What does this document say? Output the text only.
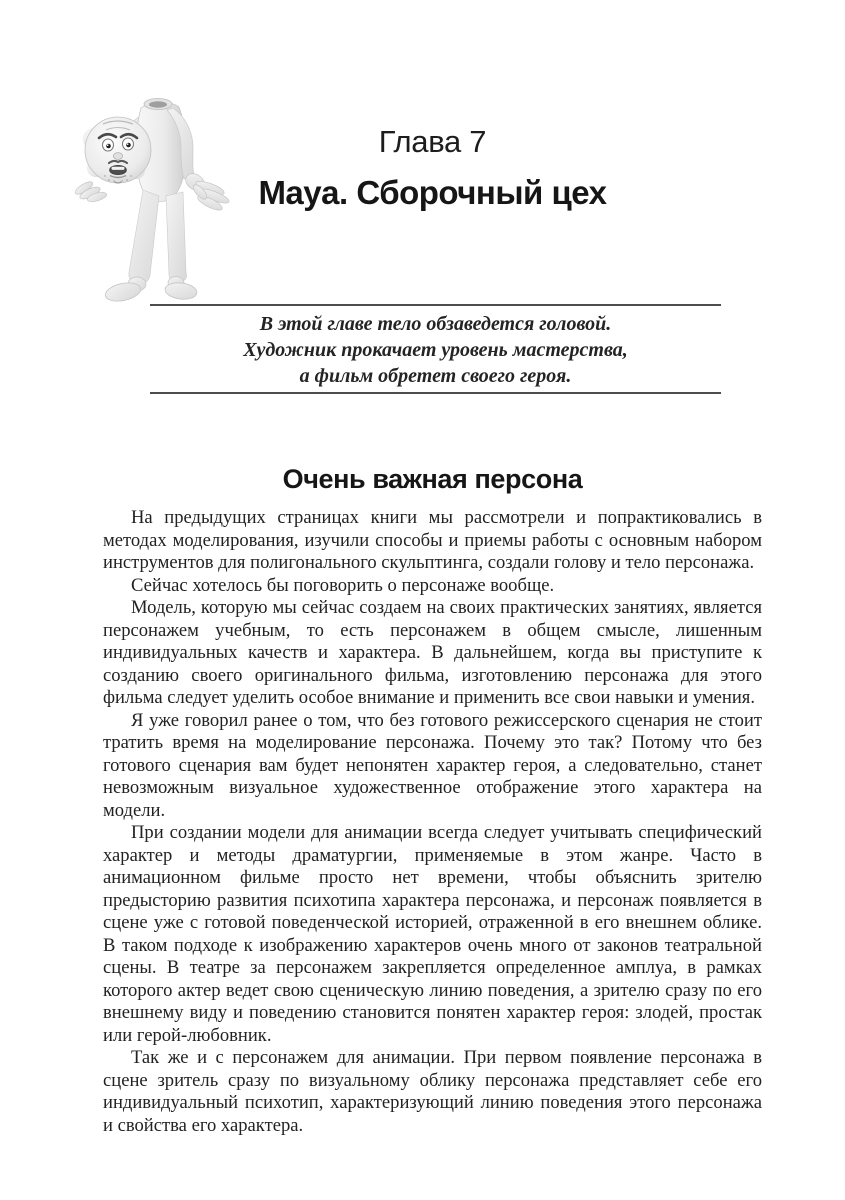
Глава 7
Maya. Сборочный цех
В этой главе тело обзаведется головой.
Художник прокачает уровень мастерства,
а фильм обретет своего героя.
Очень важная персона

На предыдущих страницах книги мы рассмотрели и попрактиковались в методах моделирования, изучили способы и приемы работы с основным набором инструментов для полигонального скульптинга, создали голову и тело персонажа.

Сейчас хотелось бы поговорить о персонаже вообще.

Модель, которую мы сейчас создаем на своих практических занятиях, является персонажем учебным, то есть персонажем в общем смысле, лишенным индивидуальных качеств и характера. В дальнейшем, когда вы приступите к созданию своего оригинального фильма, изготовлению персонажа для этого фильма следует уделить особое внимание и применить все свои навыки и умения.

Я уже говорил ранее о том, что без готового режиссерского сценария не стоит тратить время на моделирование персонажа. Почему это так? Потому что без готового сценария вам будет непонятен характер героя, а следовательно, станет невозможным визуальное художественное отображение этого характера на модели.

При создании модели для анимации всегда следует учитывать специфический характер и методы драматургии, применяемые в этом жанре. Часто в анимационном фильме просто нет времени, чтобы объяснить зрителю предысторию развития психотипа характера персонажа, и персонаж появляется в сцене уже с готовой поведенческой историей, отраженной в его внешнем облике. В таком подходе к изображению характеров очень много от законов театральной сцены. В театре за персонажем закрепляется определенное амплуа, в рамках которого актер ведет свою сценическую линию поведения, а зрителю сразу по его внешнему виду и поведению становится понятен характер героя: злодей, простак или герой-любовник.

Так же и с персонажем для анимации. При первом появление персонажа в сцене зритель сразу по визуальному облику персонажа представляет себе его индивидуальный психотип, характеризующий линию поведения этого персонажа и свойства его характера.
